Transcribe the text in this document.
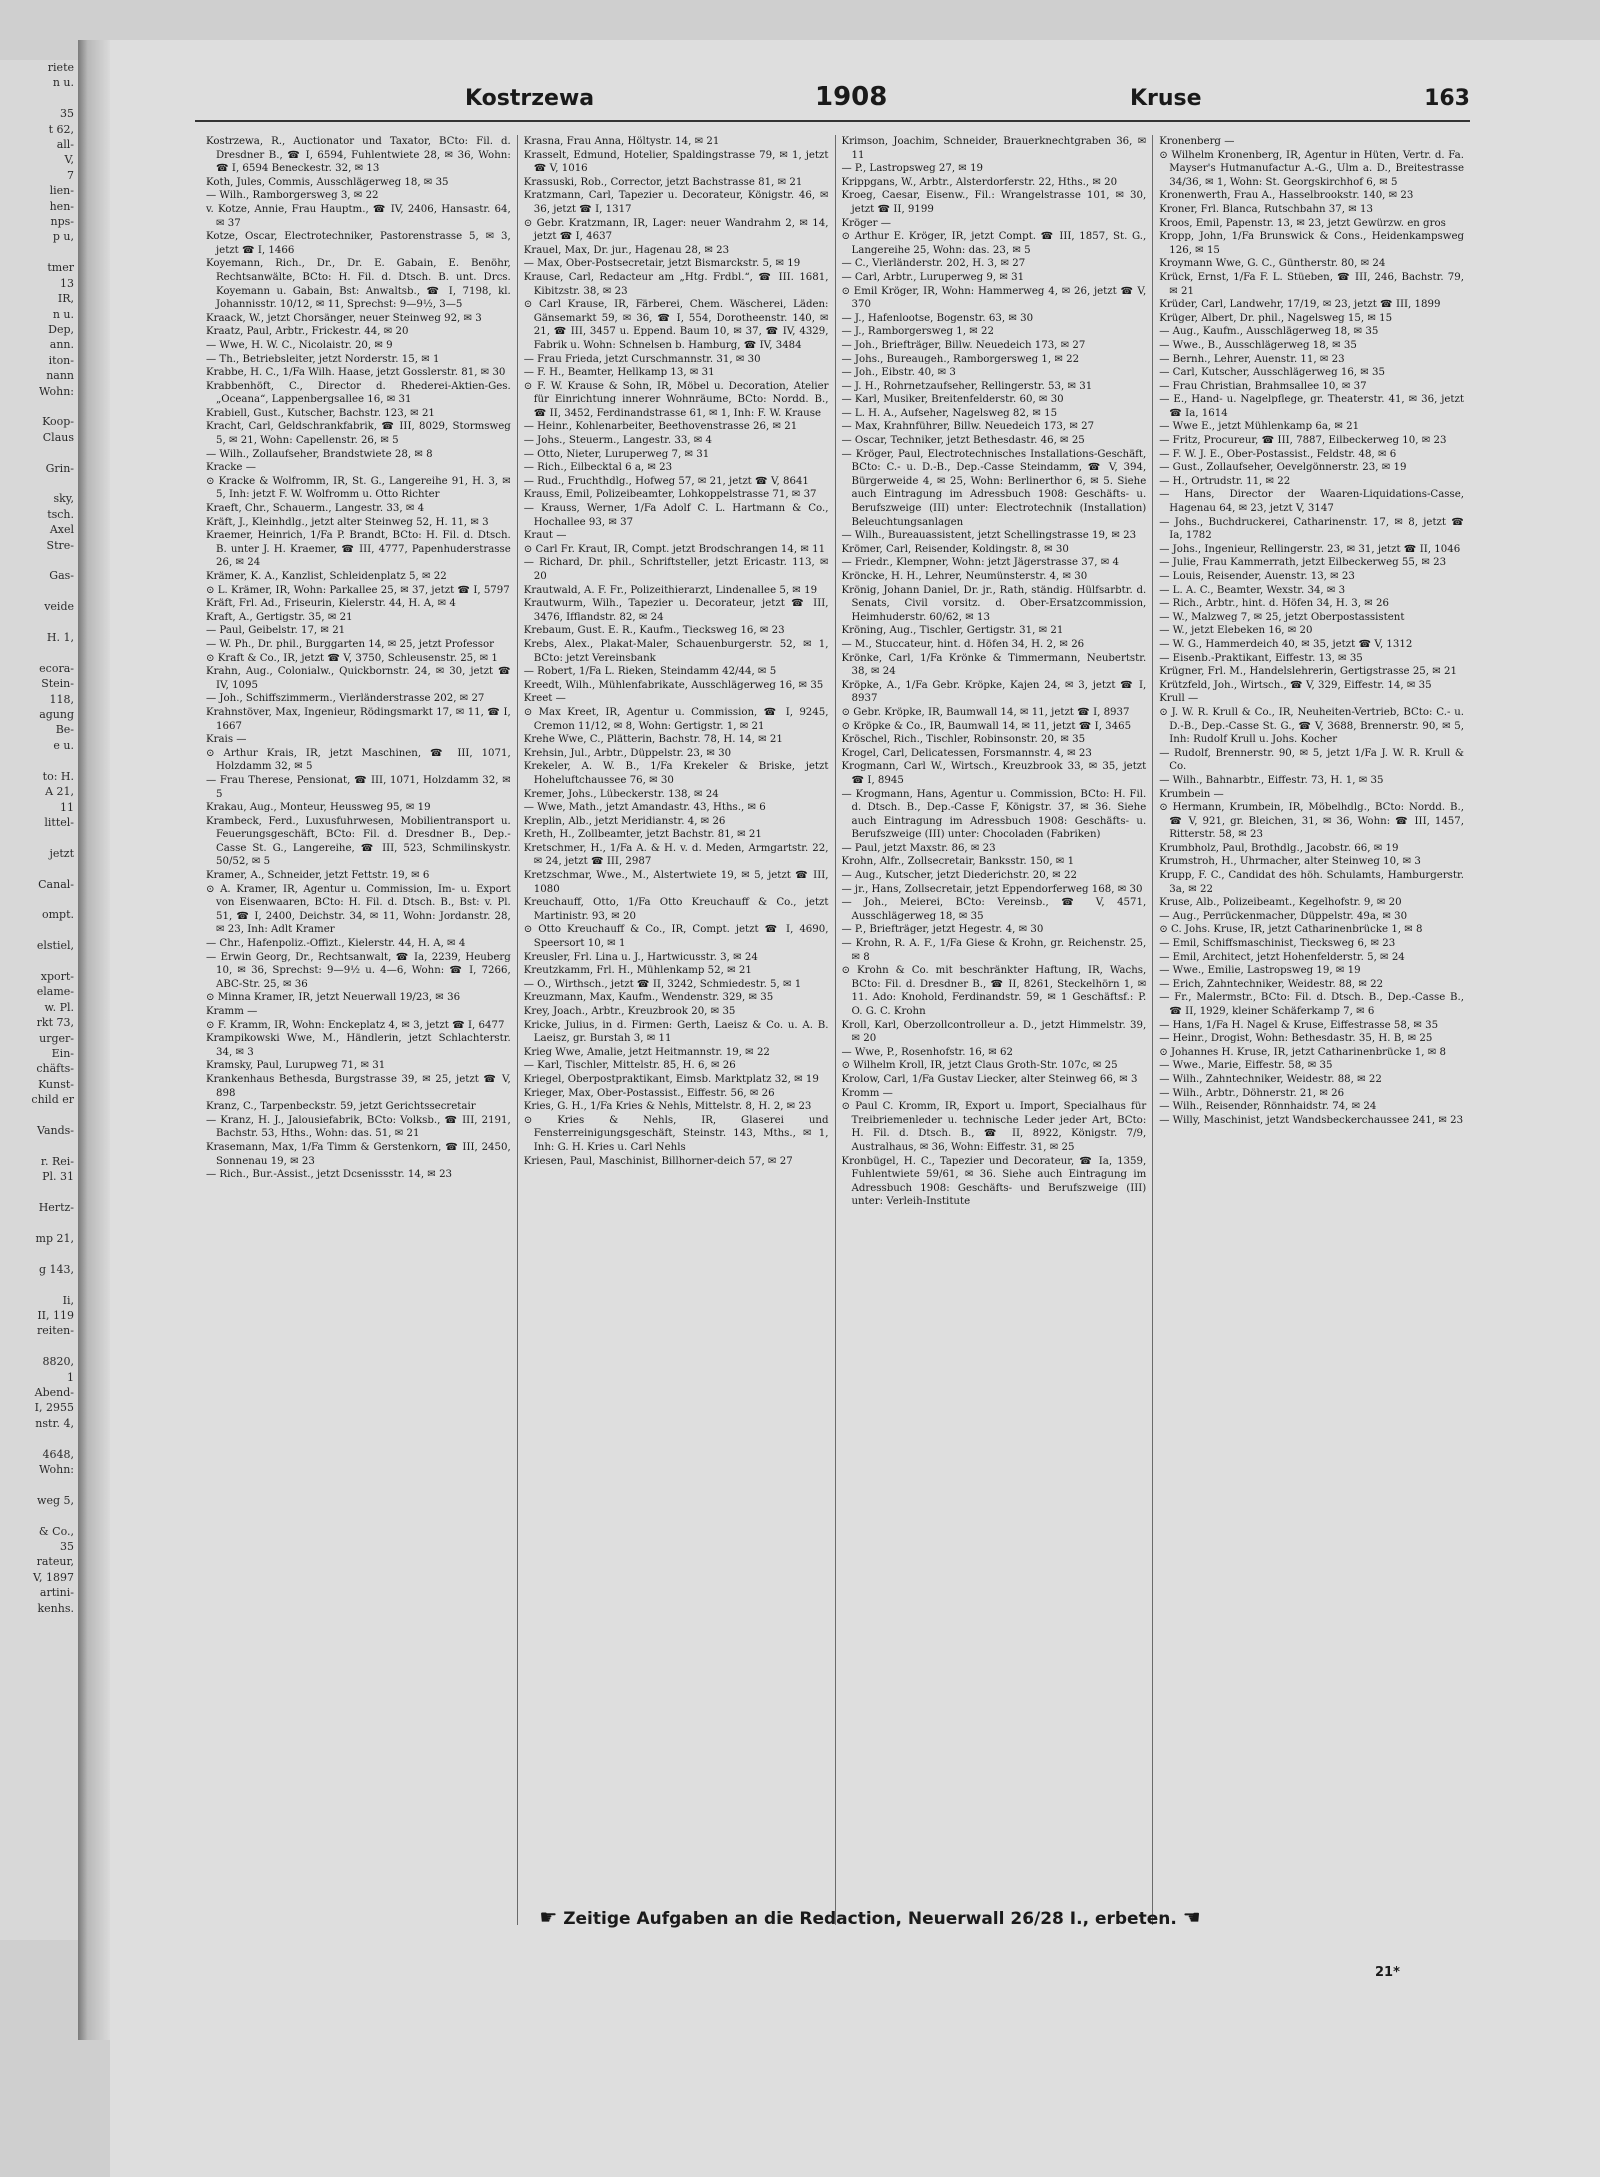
riete
n u.

35
t 62,
all-
V,
7
lien-
hen-
nps-
p u,

tmer
13
IR,
n u.
Dep,
ann.
iton-
nann
Wohn:

Koop-
Claus

Grin-

sky,
tsch.
Axel
Stre-

Gas-

veide

H. 1,

ecora-
Stein-
118,
agung
Be-
e u.

to: H.
A 21,
11
littel-

jetzt

Canal-

ompt.

elstiel,

xport-
elame-
w. Pl.
rkt 73,
urger-
Ein-
chäfts-
Kunst-
child er

Vands-

r. Rei-
Pl. 31

Hertz-

mp 21,

g 143,

Ii,
II, 119
reiten-

8820,
1
Abend-
I, 2955
nstr. 4,

4648,
Wohn:

weg 5,

& Co.,
35
rateur,
V, 1897
artini-
kenhs.
Kostrzewa	1908	Kruse	163

Kostrzewa, R., Auctionator und Taxator, BCto: Fil. d. Dresdner B., ☎ I, 6594, Fuhlentwiete 28, ✉ 36, Wohn: ☎ I, 6594 Beneckestr. 32, ✉ 13

Koth, Jules, Commis, Ausschlägerweg 18, ✉ 35

— Wilh., Ramborgersweg 3, ✉ 22

v. Kotze, Annie, Frau Hauptm., ☎ IV, 2406, Hansastr. 64, ✉ 37

Kotze, Oscar, Electrotechniker, Pastorenstrasse 5, ✉ 3, jetzt ☎ I, 1466

Koyemann, Rich., Dr., Dr. E. Gabain, E. Benöhr, Rechtsanwälte, BCto: H. Fil. d. Dtsch. B. unt. Drcs. Koyemann u. Gabain, Bst: Anwaltsb., ☎ I, 7198, kl. Johannisstr. 10/12, ✉ 11, Sprechst: 9—9½, 3—5

Kraack, W., jetzt Chorsänger, neuer Steinweg 92, ✉ 3

Kraatz, Paul, Arbtr., Frickestr. 44, ✉ 20

— Wwe, H. W. C., Nicolaistr. 20, ✉ 9

— Th., Betriebsleiter, jetzt Norderstr. 15, ✉ 1

Krabbe, H. C., 1/Fa Wilh. Haase, jetzt Gosslerstr. 81, ✉ 30

Krabbenhöft, C., Director d. Rhederei-Aktien-Ges. „Oceana“, Lappenbergsallee 16, ✉ 31

Krabiell, Gust., Kutscher, Bachstr. 123, ✉ 21

Kracht, Carl, Geldschrankfabrik, ☎ III, 8029, Stormsweg 5, ✉ 21, Wohn: Capellenstr. 26, ✉ 5

— Wilh., Zollaufseher, Brandstwiete 28, ✉ 8

Kracke —

⊙ Kracke & Wolfromm, IR, St. G., Langereihe 91, H. 3, ✉ 5, Inh: jetzt F. W. Wolfromm u. Otto Richter

Kraeft, Chr., Schauerm., Langestr. 33, ✉ 4

Kräft, J., Kleinhdlg., jetzt alter Steinweg 52, H. 11, ✉ 3

Kraemer, Heinrich, 1/Fa P. Brandt, BCto: H. Fil. d. Dtsch. B. unter J. H. Kraemer, ☎ III, 4777, Papenhuderstrasse 26, ✉ 24

Krämer, K. A., Kanzlist, Schleidenplatz 5, ✉ 22

⊙ L. Krämer, IR, Wohn: Parkallee 25, ✉ 37, jetzt ☎ I, 5797

Kräft, Frl. Ad., Friseurin, Kielerstr. 44, H. A, ✉ 4

Kraft, A., Gertigstr. 35, ✉ 21

— Paul, Geibelstr. 17, ✉ 21

— W. Ph., Dr. phil., Burggarten 14, ✉ 25, jetzt Professor

⊙ Kraft & Co., IR, jetzt ☎ V, 3750, Schleusenstr. 25, ✉ 1

Krahn, Aug., Colonialw., Quickbornstr. 24, ✉ 30, jetzt ☎ IV, 1095

— Joh., Schiffszimmerm., Vierländerstrasse 202, ✉ 27

Krahnstöver, Max, Ingenieur, Rödingsmarkt 17, ✉ 11, ☎ I, 1667

Krais —

⊙ Arthur Krais, IR, jetzt Maschinen, ☎ III, 1071, Holzdamm 32, ✉ 5

— Frau Therese, Pensionat, ☎ III, 1071, Holzdamm 32, ✉ 5

Krakau, Aug., Monteur, Heussweg 95, ✉ 19

Krambeck, Ferd., Luxusfuhrwesen, Mobilientransport u. Feuerungsgeschäft, BCto: Fil. d. Dresdner B., Dep.-Casse St. G., Langereihe, ☎ III, 523, Schmilinskystr. 50/52, ✉ 5

Kramer, A., Schneider, jetzt Fettstr. 19, ✉ 6

⊙ A. Kramer, IR, Agentur u. Commission, Im- u. Export von Eisenwaaren, BCto: H. Fil. d. Dtsch. B., Bst: v. Pl. 51, ☎ I, 2400, Deichstr. 34, ✉ 11, Wohn: Jordanstr. 28, ✉ 23, Inh: Adlt Kramer

— Chr., Hafenpoliz.-Offizt., Kielerstr. 44, H. A, ✉ 4

— Erwin Georg, Dr., Rechtsanwalt, ☎ Ia, 2239, Heuberg 10, ✉ 36, Sprechst: 9—9½ u. 4—6, Wohn: ☎ I, 7266, ABC-Str. 25, ✉ 36

⊙ Minna Kramer, IR, jetzt Neuerwall 19/23, ✉ 36

Kramm —

⊙ F. Kramm, IR, Wohn: Enckeplatz 4, ✉ 3, jetzt ☎ I, 6477

Krampikowski Wwe, M., Händlerin, jetzt Schlachterstr. 34, ✉ 3

Kramsky, Paul, Lurupweg 71, ✉ 31

Krankenhaus Bethesda, Burgstrasse 39, ✉ 25, jetzt ☎ V, 898

Kranz, C., Tarpenbeckstr. 59, jetzt Gerichtssecretair

— Kranz, H. J., Jalousiefabrik, BCto: Volksb., ☎ III, 2191, Bachstr. 53, Hths., Wohn: das. 51, ✉ 21

Krasemann, Max, 1/Fa Timm & Gerstenkorn, ☎ III, 2450, Sonnenau 19, ✉ 23

— Rich., Bur.-Assist., jetzt Dcsenissstr. 14, ✉ 23

Krasna, Frau Anna, Höltystr. 14, ✉ 21

Krasselt, Edmund, Hotelier, Spaldingstrasse 79, ✉ 1, jetzt ☎ V, 1016

Krassuski, Rob., Corrector, jetzt Bachstrasse 81, ✉ 21

Kratzmann, Carl, Tapezier u. Decorateur, Königstr. 46, ✉ 36, jetzt ☎ I, 1317

⊙ Gebr. Kratzmann, IR, Lager: neuer Wandrahm 2, ✉ 14, jetzt ☎ I, 4637

Krauel, Max, Dr. jur., Hagenau 28, ✉ 23

— Max, Ober-Postsecretair, jetzt Bismarckstr. 5, ✉ 19

Krause, Carl, Redacteur am „Htg. Frdbl.“, ☎ III. 1681, Kibitzstr. 38, ✉ 23

⊙ Carl Krause, IR, Färberei, Chem. Wäscherei, Läden: Gänsemarkt 59, ✉ 36, ☎ I, 554, Dorotheenstr. 140, ✉ 21, ☎ III, 3457 u. Eppend. Baum 10, ✉ 37, ☎ IV, 4329, Fabrik u. Wohn: Schnelsen b. Hamburg, ☎ IV, 3484

— Frau Frieda, jetzt Curschmannstr. 31, ✉ 30

— F. H., Beamter, Hellkamp 13, ✉ 31

⊙ F. W. Krause & Sohn, IR, Möbel u. Decoration, Atelier für Einrichtung innerer Wohnräume, BCto: Nordd. B., ☎ II, 3452, Ferdinandstrasse 61, ✉ 1, Inh: F. W. Krause

— Heinr., Kohlenarbeiter, Beethovenstrasse 26, ✉ 21

— Johs., Steuerm., Langestr. 33, ✉ 4

— Otto, Nieter, Luruperweg 7, ✉ 31

— Rich., Eilbecktal 6 a, ✉ 23

— Rud., Fruchthdlg., Hofweg 57, ✉ 21, jetzt ☎ V, 8641

Krauss, Emil, Polizeibeamter, Lohkoppelstrasse 71, ✉ 37

— Krauss, Werner, 1/Fa Adolf C. L. Hartmann & Co., Hochallee 93, ✉ 37

Kraut —

⊙ Carl Fr. Kraut, IR, Compt. jetzt Brodschrangen 14, ✉ 11

— Richard, Dr. phil., Schriftsteller, jetzt Ericastr. 113, ✉ 20

Krautwald, A. F. Fr., Polizeithierarzt, Lindenallee 5, ✉ 19

Krautwurm, Wilh., Tapezier u. Decorateur, jetzt ☎ III, 3476, Ifflandstr. 82, ✉ 24

Krebaum, Gust. E. R., Kaufm., Tiecksweg 16, ✉ 23

Krebs, Alex., Plakat-Maler, Schauenburgerstr. 52, ✉ 1, BCto: jetzt Vereinsbank

— Robert, 1/Fa L. Rieken, Steindamm 42/44, ✉ 5

Kreedt, Wilh., Mühlenfabrikate, Ausschlägerweg 16, ✉ 35

Kreet —

⊙ Max Kreet, IR, Agentur u. Commission, ☎ I, 9245, Cremon 11/12, ✉ 8, Wohn: Gertigstr. 1, ✉ 21

Krehe Wwe, C., Plätterin, Bachstr. 78, H. 14, ✉ 21

Krehsin, Jul., Arbtr., Düppelstr. 23, ✉ 30

Krekeler, A. W. B., 1/Fa Krekeler & Briske, jetzt Hoheluftchaussee 76, ✉ 30

Kremer, Johs., Lübeckerstr. 138, ✉ 24

— Wwe, Math., jetzt Amandastr. 43, Hths., ✉ 6

Kreplin, Alb., jetzt Meridianstr. 4, ✉ 26

Kreth, H., Zollbeamter, jetzt Bachstr. 81, ✉ 21

Kretschmer, H., 1/Fa A. & H. v. d. Meden, Armgartstr. 22, ✉ 24, jetzt ☎ III, 2987

Kretzschmar, Wwe., M., Alstertwiete 19, ✉ 5, jetzt ☎ III, 1080

Kreuchauff, Otto, 1/Fa Otto Kreuchauff & Co., jetzt Martinistr. 93, ✉ 20

⊙ Otto Kreuchauff & Co., IR, Compt. jetzt ☎ I, 4690, Speersort 10, ✉ 1

Kreusler, Frl. Lina u. J., Hartwicusstr. 3, ✉ 24

Kreutzkamm, Frl. H., Mühlenkamp 52, ✉ 21

— O., Wirthsch., jetzt ☎ II, 3242, Schmiedestr. 5, ✉ 1

Kreuzmann, Max, Kaufm., Wendenstr. 329, ✉ 35

Krey, Joach., Arbtr., Kreuzbrook 20, ✉ 35

Kricke, Julius, in d. Firmen: Gerth, Laeisz & Co. u. A. B. Laeisz, gr. Burstah 3, ✉ 11

Krieg Wwe, Amalie, jetzt Heitmannstr. 19, ✉ 22

— Karl, Tischler, Mittelstr. 85, H. 6, ✉ 26

Kriegel, Oberpostpraktikant, Eimsb. Marktplatz 32, ✉ 19

Krieger, Max, Ober-Postassist., Eiffestr. 56, ✉ 26

Kries, G. H., 1/Fa Kries & Nehls, Mittelstr. 8, H. 2, ✉ 23

⊙ Kries & Nehls, IR, Glaserei und Fensterreinigungsgeschäft, Steinstr. 143, Mths., ✉ 1, Inh: G. H. Kries u. Carl Nehls

Kriesen, Paul, Maschinist, Billhorner-deich 57, ✉ 27

Krimson, Joachim, Schneider, Brauerknechtgraben 36, ✉ 11

— P., Lastropsweg 27, ✉ 19

Krippgans, W., Arbtr., Alsterdorferstr. 22, Hths., ✉ 20

Kroeg, Caesar, Eisenw., Fil.: Wrangelstrasse 101, ✉ 30, jetzt ☎ II, 9199

Kröger —

⊙ Arthur E. Kröger, IR, jetzt Compt. ☎ III, 1857, St. G., Langereihe 25, Wohn: das. 23, ✉ 5

— C., Vierländerstr. 202, H. 3, ✉ 27

— Carl, Arbtr., Luruperweg 9, ✉ 31

⊙ Emil Kröger, IR, Wohn: Hammerweg 4, ✉ 26, jetzt ☎ V, 370

— J., Hafenlootse, Bogenstr. 63, ✉ 30

— J., Ramborgersweg 1, ✉ 22

— Joh., Briefträger, Billw. Neuedeich 173, ✉ 27

— Johs., Bureaugeh., Ramborgersweg 1, ✉ 22

— Joh., Eibstr. 40, ✉ 3

— J. H., Rohrnetzaufseher, Rellingerstr. 53, ✉ 31

— Karl, Musiker, Breitenfelderstr. 60, ✉ 30

— L. H. A., Aufseher, Nagelsweg 82, ✉ 15

— Max, Krahnführer, Billw. Neuedeich 173, ✉ 27

— Oscar, Techniker, jetzt Bethesdastr. 46, ✉ 25

— Kröger, Paul, Electrotechnisches Installations-Geschäft, BCto: C.- u. D.-B., Dep.-Casse Steindamm, ☎ V, 394, Bürgerweide 4, ✉ 25, Wohn: Berlinerthor 6, ✉ 5. Siehe auch Eintragung im Adressbuch 1908: Geschäfts- u. Berufszweige (III) unter: Electrotechnik (Installation) Beleuchtungsanlagen

— Wilh., Bureauassistent, jetzt Schellingstrasse 19, ✉ 23

Krömer, Carl, Reisender, Koldingstr. 8, ✉ 30

— Friedr., Klempner, Wohn: jetzt Jägerstrasse 37, ✉ 4

Kröncke, H. H., Lehrer, Neumünsterstr. 4, ✉ 30

Krönig, Johann Daniel, Dr. jr., Rath, ständig. Hülfsarbtr. d. Senats, Civil vorsitz. d. Ober-Ersatzcommission, Heimhuderstr. 60/62, ✉ 13

Kröning, Aug., Tischler, Gertigstr. 31, ✉ 21

— M., Stuccateur, hint. d. Höfen 34, H. 2, ✉ 26

Krönke, Carl, 1/Fa Krönke & Timmermann, Neubertstr. 38, ✉ 24

Kröpke, A., 1/Fa Gebr. Kröpke, Kajen 24, ✉ 3, jetzt ☎ I, 8937

⊙ Gebr. Kröpke, IR, Baumwall 14, ✉ 11, jetzt ☎ I, 8937

⊙ Kröpke & Co., IR, Baumwall 14, ✉ 11, jetzt ☎ I, 3465

Kröschel, Rich., Tischler, Robinsonstr. 20, ✉ 35

Krogel, Carl, Delicatessen, Forsmannstr. 4, ✉ 23

Krogmann, Carl W., Wirtsch., Kreuzbrook 33, ✉ 35, jetzt ☎ I, 8945

— Krogmann, Hans, Agentur u. Commission, BCto: H. Fil. d. Dtsch. B., Dep.-Casse F, Königstr. 37, ✉ 36. Siehe auch Eintragung im Adressbuch 1908: Geschäfts- u. Berufszweige (III) unter: Chocoladen (Fabriken)

— Paul, jetzt Maxstr. 86, ✉ 23

Krohn, Alfr., Zollsecretair, Banksstr. 150, ✉ 1

— Aug., Kutscher, jetzt Diederichstr. 20, ✉ 22

— jr., Hans, Zollsecretair, jetzt Eppendorferweg 168, ✉ 30

— Joh., Meierei, BCto: Vereinsb., ☎ V, 4571, Ausschlägerweg 18, ✉ 35

— P., Briefträger, jetzt Hegestr. 4, ✉ 30

— Krohn, R. A. F., 1/Fa Giese & Krohn, gr. Reichenstr. 25, ✉ 8

⊙ Krohn & Co. mit beschränkter Haftung, IR, Wachs, BCto: Fil. d. Dresdner B., ☎ II, 8261, Steckelhörn 1, ✉ 11. Ado: Knohold, Ferdinandstr. 59, ✉ 1 Geschäftsf.: P. O. G. C. Krohn

Kroll, Karl, Oberzollcontrolleur a. D., jetzt Himmelstr. 39, ✉ 20

— Wwe, P., Rosenhofstr. 16, ✉ 62

⊙ Wilhelm Kroll, IR, jetzt Claus Groth-Str. 107c, ✉ 25

Krolow, Carl, 1/Fa Gustav Liecker, alter Steinweg 66, ✉ 3

Kromm —

⊙ Paul C. Kromm, IR, Export u. Import, Specialhaus für Treibriemenleder u. technische Leder jeder Art, BCto: H. Fil. d. Dtsch. B., ☎ II, 8922, Königstr. 7/9, Australhaus, ✉ 36, Wohn: Eiffestr. 31, ✉ 25

Kronbügel, H. C., Tapezier und Decorateur, ☎ Ia, 1359, Fuhlentwiete 59/61, ✉ 36. Siehe auch Eintragung im Adressbuch 1908: Geschäfts- und Berufszweige (III) unter: Verleih-Institute

Kronenberg —

⊙ Wilhelm Kronenberg, IR, Agentur in Hüten, Vertr. d. Fa. Mayser's Hutmanufactur A.-G., Ulm a. D., Breitestrasse 34/36, ✉ 1, Wohn: St. Georgskirchhof 6, ✉ 5

Kronenwerth, Frau A., Hasselbrookstr. 140, ✉ 23

Kroner, Frl. Blanca, Rutschbahn 37, ✉ 13

Kroos, Emil, Papenstr. 13, ✉ 23, jetzt Gewürzw. en gros

Kropp, John, 1/Fa Brunswick & Cons., Heidenkampsweg 126, ✉ 15

Kroymann Wwe, G. C., Güntherstr. 80, ✉ 24

Krück, Ernst, 1/Fa F. L. Stüeben, ☎ III, 246, Bachstr. 79, ✉ 21

Krüder, Carl, Landwehr, 17/19, ✉ 23, jetzt ☎ III, 1899

Krüger, Albert, Dr. phil., Nagelsweg 15, ✉ 15

— Aug., Kaufm., Ausschlägerweg 18, ✉ 35

— Wwe., B., Ausschlägerweg 18, ✉ 35

— Bernh., Lehrer, Auenstr. 11, ✉ 23

— Carl, Kutscher, Ausschlägerweg 16, ✉ 35

— Frau Christian, Brahmsallee 10, ✉ 37

— E., Hand- u. Nagelpflege, gr. Theaterstr. 41, ✉ 36, jetzt ☎ Ia, 1614

— Wwe E., jetzt Mühlenkamp 6a, ✉ 21

— Fritz, Procureur, ☎ III, 7887, Eilbeckerweg 10, ✉ 23

— F. W. J. E., Ober-Postassist., Feldstr. 48, ✉ 6

— Gust., Zollaufseher, Oevelgönnerstr. 23, ✉ 19

— H., Ortrudstr. 11, ✉ 22

— Hans, Director der Waaren-Liquidations-Casse, Hagenau 64, ✉ 23, jetzt V, 3147

— Johs., Buchdruckerei, Catharinenstr. 17, ✉ 8, jetzt ☎ Ia, 1782

— Johs., Ingenieur, Rellingerstr. 23, ✉ 31, jetzt ☎ II, 1046

— Julie, Frau Kammerrath, jetzt Eilbeckerweg 55, ✉ 23

— Louis, Reisender, Auenstr. 13, ✉ 23

— L. A. C., Beamter, Wexstr. 34, ✉ 3

— Rich., Arbtr., hint. d. Höfen 34, H. 3, ✉ 26

— W., Malzweg 7, ✉ 25, jetzt Oberpostassistent

— W., jetzt Elebeken 16, ✉ 20

— W. G., Hammerdeich 40, ✉ 35, jetzt ☎ V, 1312

— Eisenb.-Praktikant, Eiffestr. 13, ✉ 35

Krügner, Frl. M., Handelslehrerin, Gertigstrasse 25, ✉ 21

Krützfeld, Joh., Wirtsch., ☎ V, 329, Eiffestr. 14, ✉ 35

Krull —

⊙ J. W. R. Krull & Co., IR, Neuheiten-Vertrieb, BCto: C.- u. D.-B., Dep.-Casse St. G., ☎ V, 3688, Brennerstr. 90, ✉ 5, Inh: Rudolf Krull u. Johs. Kocher

— Rudolf, Brennerstr. 90, ✉ 5, jetzt 1/Fa J. W. R. Krull & Co.

— Wilh., Bahnarbtr., Eiffestr. 73, H. 1, ✉ 35

Krumbein —

⊙ Hermann, Krumbein, IR, Möbelhdlg., BCto: Nordd. B., ☎ V, 921, gr. Bleichen, 31, ✉ 36, Wohn: ☎ III, 1457, Ritterstr. 58, ✉ 23

Krumbholz, Paul, Brothdlg., Jacobstr. 66, ✉ 19

Krumstroh, H., Uhrmacher, alter Steinweg 10, ✉ 3

Krupp, F. C., Candidat des höh. Schulamts, Hamburgerstr. 3a, ✉ 22

Kruse, Alb., Polizeibeamt., Kegelhofstr. 9, ✉ 20

— Aug., Perrückenmacher, Düppelstr. 49a, ✉ 30

⊙ C. Johs. Kruse, IR, jetzt Catharinenbrücke 1, ✉ 8

— Emil, Schiffsmaschinist, Tiecksweg 6, ✉ 23

— Emil, Architect, jetzt Hohenfelderstr. 5, ✉ 24

— Wwe., Emilie, Lastropsweg 19, ✉ 19

— Erich, Zahntechniker, Weidestr. 88, ✉ 22

— Fr., Malermstr., BCto: Fil. d. Dtsch. B., Dep.-Casse B., ☎ II, 1929, kleiner Schäferkamp 7, ✉ 6

— Hans, 1/Fa H. Nagel & Kruse, Eiffestrasse 58, ✉ 35

— Heinr., Drogist, Wohn: Bethesdastr. 35, H. B, ✉ 25

⊙ Johannes H. Kruse, IR, jetzt Catharinenbrücke 1, ✉ 8

— Wwe., Marie, Eiffestr. 58, ✉ 35

— Wilh., Zahntechniker, Weidestr. 88, ✉ 22

— Wilh., Arbtr., Döhnerstr. 21, ✉ 26

— Wilh., Reisender, Rönnhaidstr. 74, ✉ 24

— Willy, Maschinist, jetzt Wandsbeckerchaussee 241, ✉ 23

☛ Zeitige Aufgaben an die Redaction, Neuerwall 26/28 I., erbeten. ☚
21*
